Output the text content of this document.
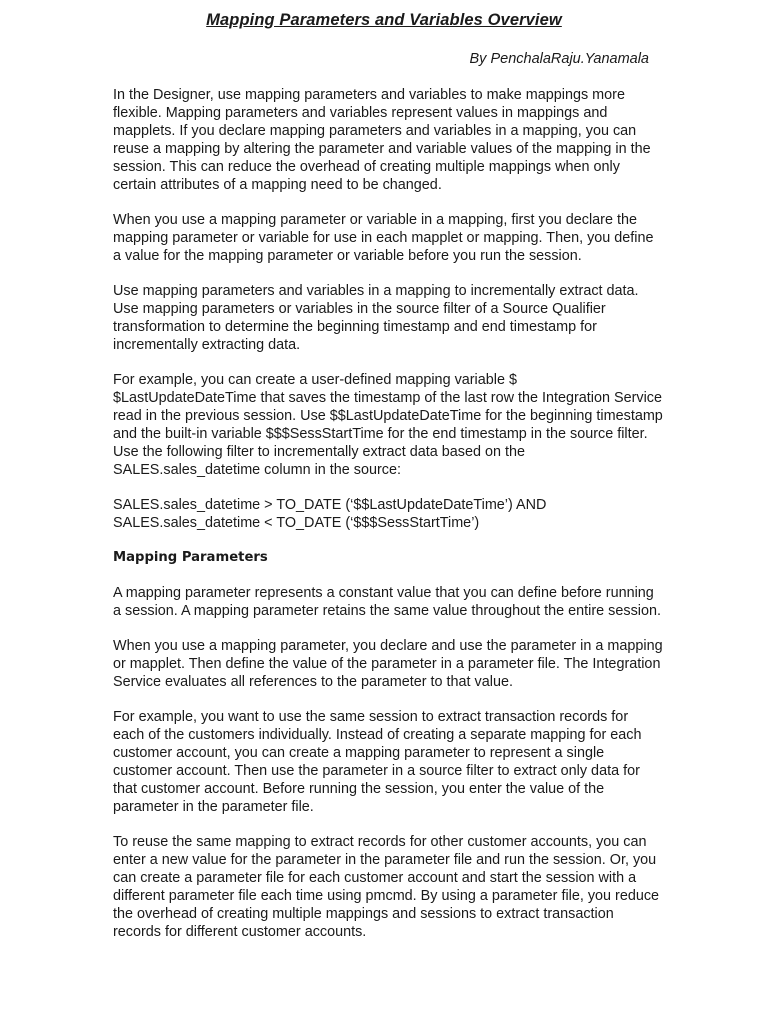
Mapping Parameters and Variables Overview
By PenchalaRaju.Yanamala

In the Designer, use mapping parameters and variables to make mappings more flexible. Mapping parameters and variables represent values in mappings and mapplets. If you declare mapping parameters and variables in a mapping, you can reuse a mapping by altering the parameter and variable values of the mapping in the session. This can reduce the overhead of creating multiple mappings when only certain attributes of a mapping need to be changed.

When you use a mapping parameter or variable in a mapping, first you declare the mapping parameter or variable for use in each mapplet or mapping. Then, you define a value for the mapping parameter or variable before you run the session.

Use mapping parameters and variables in a mapping to incrementally extract data. Use mapping parameters or variables in the source filter of a Source Qualifier transformation to determine the beginning timestamp and end timestamp for incrementally extracting data.

For example, you can create a user-defined mapping variable $ $LastUpdateDateTime that saves the timestamp of the last row the Integration Service read in the previous session. Use $$LastUpdateDateTime for the beginning timestamp and the built-in variable $$$SessStartTime for the end timestamp in the source filter. Use the following filter to incrementally extract data based on the SALES.sales_datetime column in the source:

SALES.sales_datetime > TO_DATE (‘$$LastUpdateDateTime’) AND SALES.sales_datetime < TO_DATE (‘$$$SessStartTime’)

Mapping Parameters

A mapping parameter represents a constant value that you can define before running a session. A mapping parameter retains the same value throughout the entire session.

When you use a mapping parameter, you declare and use the parameter in a mapping or mapplet. Then define the value of the parameter in a parameter file. The Integration Service evaluates all references to the parameter to that value.

For example, you want to use the same session to extract transaction records for each of the customers individually. Instead of creating a separate mapping for each customer account, you can create a mapping parameter to represent a single customer account. Then use the parameter in a source filter to extract only data for that customer account. Before running the session, you enter the value of the parameter in the parameter file.

To reuse the same mapping to extract records for other customer accounts, you can enter a new value for the parameter in the parameter file and run the session. Or, you can create a parameter file for each customer account and start the session with a different parameter file each time using pmcmd. By using a parameter file, you reduce the overhead of creating multiple mappings and sessions to extract transaction records for different customer accounts.
